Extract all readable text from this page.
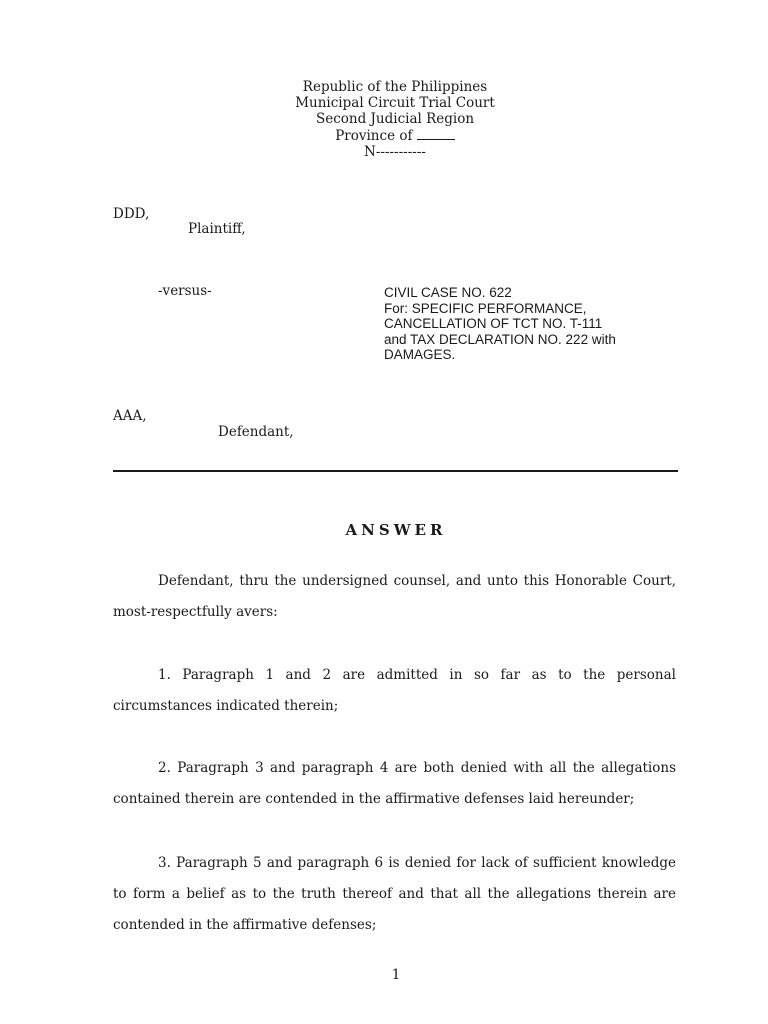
Republic of the Philippines
Municipal Circuit Trial Court
Second Judicial Region
Province of
N-----------
DDD,
Plaintiff,
-versus-	CIVIL CASE NO. 622
For: SPECIFIC PERFORMANCE,
CANCELLATION OF TCT NO. T-111
and TAX DECLARATION NO. 222 with
DAMAGES.
AAA,
Defendant,
ANSWER

Defendant, thru the undersigned counsel, and unto this Honorable Court, most-respectfully avers:

1. Paragraph 1 and 2 are admitted in so far as to the personal circumstances indicated therein;

2. Paragraph 3 and paragraph 4 are both denied with all the allegations contained therein are contended in the affirmative defenses laid hereunder;

3. Paragraph 5 and paragraph 6 is denied for lack of sufficient knowledge to form a belief as to the truth thereof and that all the allegations therein are contended in the affirmative defenses;

1
